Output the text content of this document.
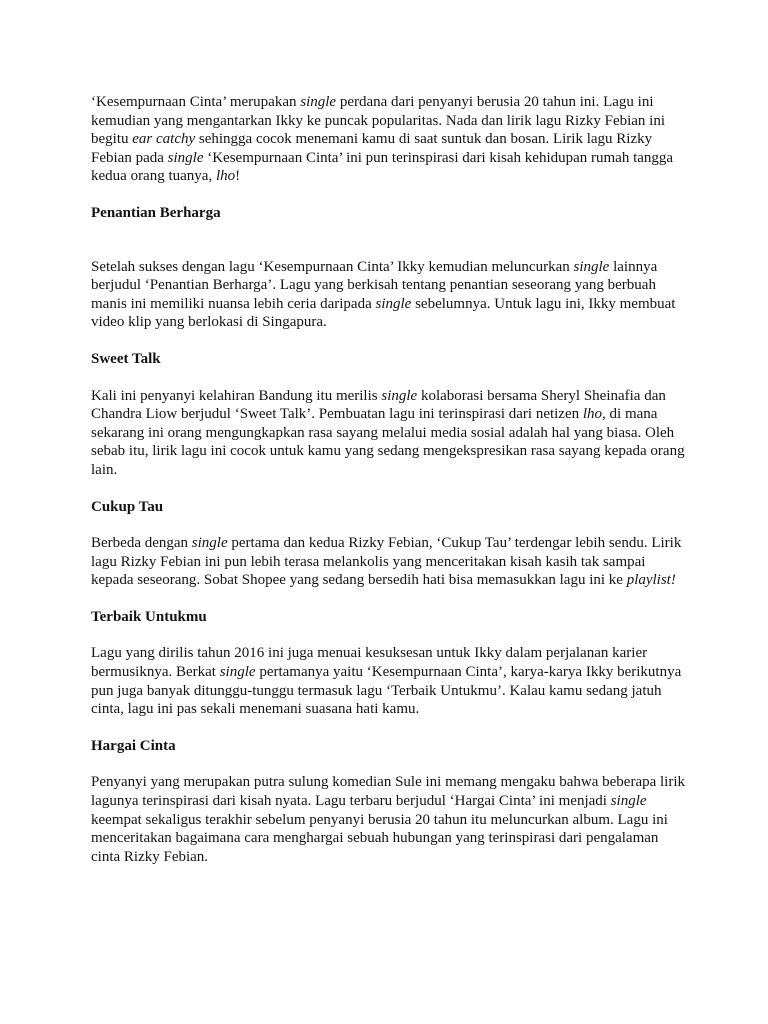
‘Kesempurnaan Cinta’ merupakan single perdana dari penyanyi berusia 20 tahun ini. Lagu ini kemudian yang mengantarkan Ikky ke puncak popularitas. Nada dan lirik lagu Rizky Febian ini begitu ear catchy sehingga cocok menemani kamu di saat suntuk dan bosan. Lirik lagu Rizky Febian pada single ‘Kesempurnaan Cinta’ ini pun terinspirasi dari kisah kehidupan rumah tangga kedua orang tuanya, lho!

Penantian Berharga

Setelah sukses dengan lagu ‘Kesempurnaan Cinta’ Ikky kemudian meluncurkan single lainnya berjudul ‘Penantian Berharga’. Lagu yang berkisah tentang penantian seseorang yang berbuah manis ini memiliki nuansa lebih ceria daripada single sebelumnya. Untuk lagu ini, Ikky membuat video klip yang berlokasi di Singapura.

Sweet Talk

Kali ini penyanyi kelahiran Bandung itu merilis single kolaborasi bersama Sheryl Sheinafia dan Chandra Liow berjudul ‘Sweet Talk’. Pembuatan lagu ini terinspirasi dari netizen lho, di mana sekarang ini orang mengungkapkan rasa sayang melalui media sosial adalah hal yang biasa. Oleh sebab itu, lirik lagu ini cocok untuk kamu yang sedang mengekspresikan rasa sayang kepada orang lain.

Cukup Tau

Berbeda dengan single pertama dan kedua Rizky Febian, ‘Cukup Tau’ terdengar lebih sendu. Lirik lagu Rizky Febian ini pun lebih terasa melankolis yang menceritakan kisah kasih tak sampai kepada seseorang. Sobat Shopee yang sedang bersedih hati bisa memasukkan lagu ini ke playlist!

Terbaik Untukmu

Lagu yang dirilis tahun 2016 ini juga menuai kesuksesan untuk Ikky dalam perjalanan karier bermusiknya. Berkat single pertamanya yaitu ‘Kesempurnaan Cinta’, karya-karya Ikky berikutnya pun juga banyak ditunggu-tunggu termasuk lagu ‘Terbaik Untukmu’. Kalau kamu sedang jatuh cinta, lagu ini pas sekali menemani suasana hati kamu.

Hargai Cinta

Penyanyi yang merupakan putra sulung komedian Sule ini memang mengaku bahwa beberapa lirik lagunya terinspirasi dari kisah nyata. Lagu terbaru berjudul ‘Hargai Cinta’ ini menjadi single keempat sekaligus terakhir sebelum penyanyi berusia 20 tahun itu meluncurkan album. Lagu ini menceritakan bagaimana cara menghargai sebuah hubungan yang terinspirasi dari pengalaman cinta Rizky Febian.
